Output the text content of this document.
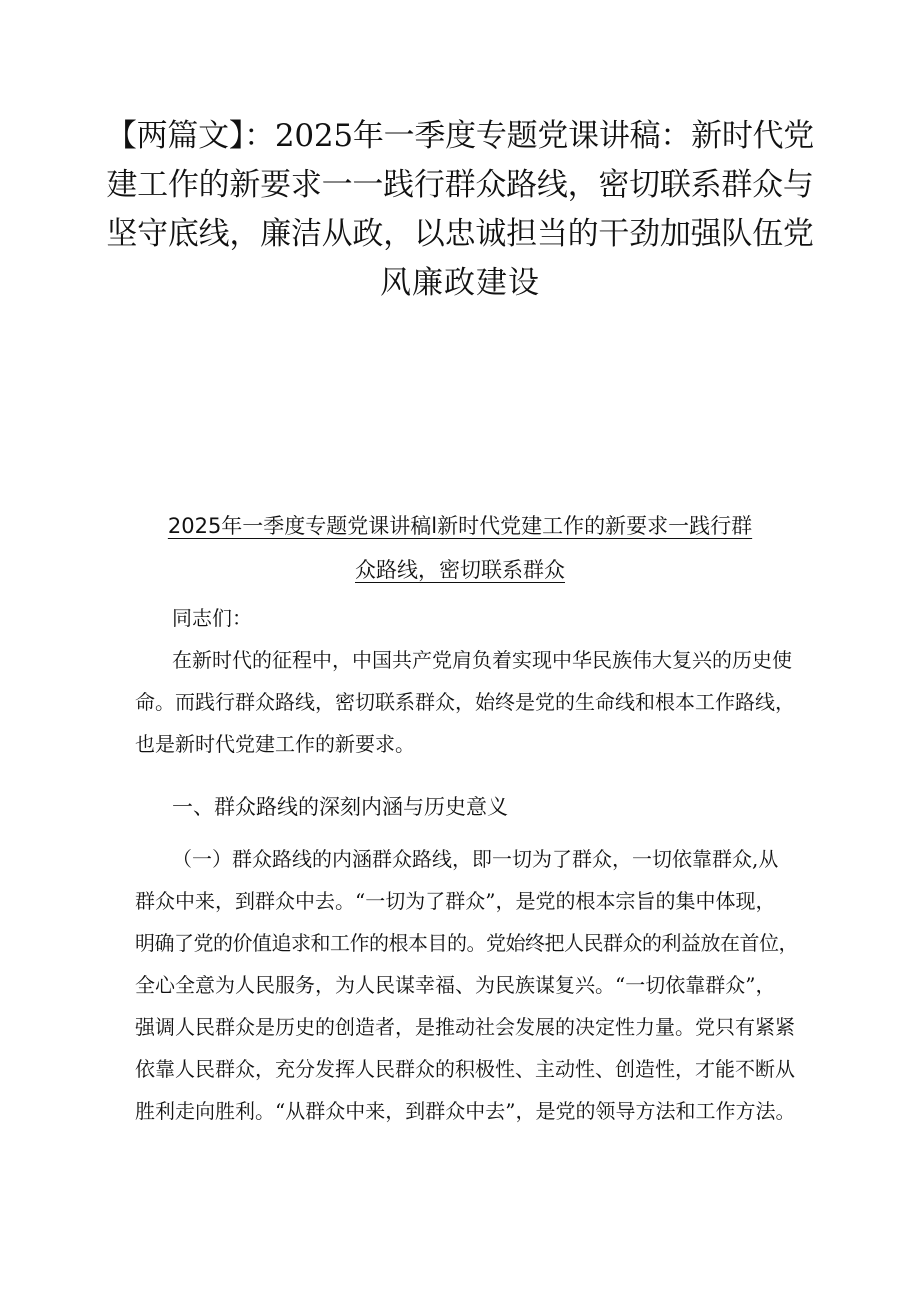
【两篇文】：2025年一季度专题党课讲稿：新时代党
建工作的新要求一一践行群众路线，密切联系群众与
坚守底线，廉洁从政，以忠诚担当的干劲加强队伍党
风廉政建设
2025年一季度专题党课讲稿l新时代党建工作的新要求一践行群
众路线，密切联系群众

同志们：

在新时代的征程中，中国共产党肩负着实现中华民族伟大复兴的历史使
命。而践行群众路线，密切联系群众，始终是党的生命线和根本工作路线，
也是新时代党建工作的新要求。

一、群众路线的深刻内涵与历史意义

（一）群众路线的内涵群众路线，即一切为了群众，一切依靠群众,从
群众中来，到群众中去。“一切为了群众”，是党的根本宗旨的集中体现，
明确了党的价值追求和工作的根本目的。党始终把人民群众的利益放在首位，
全心全意为人民服务，为人民谋幸福、为民族谋复兴。“一切依靠群众”，
强调人民群众是历史的创造者，是推动社会发展的决定性力量。党只有紧紧
依靠人民群众，充分发挥人民群众的积极性、主动性、创造性，才能不断从
胜利走向胜利。“从群众中来，到群众中去”，是党的领导方法和工作方法。
